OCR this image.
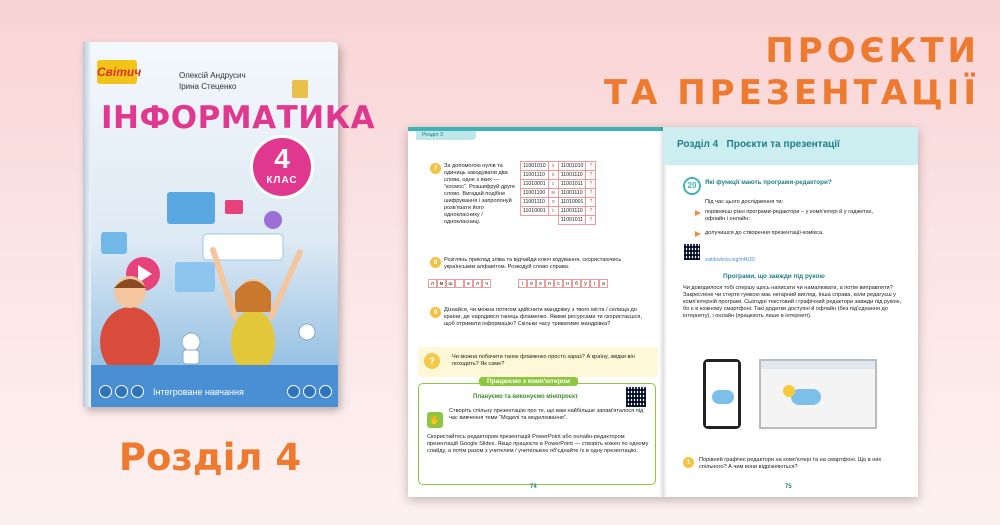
ПРОЄКТИ
ТА ПРЕЗЕНТАЦІЇ
Розділ 4
Світич	Олексій Андрусич
Ірина Стеценко
ІНФОРМАТИКА
4
КЛАС
Інтегроване навчання
Розділ 3
7	За допомогою нулів та одиниць закодували два слова, одне з яких — “космос”. Розшифруй друге слово. Вигадай подібне шифрування і запропонуй розв'язати його однокласнику / однокласниці.
11001010	к	11001010	?
11001110	о	11001110	?
11010001	с	11001011	?
11001100	м	11001110	?
11001110	о	11010001	?
11010001	с	11001110	?
		11001011	?
8	Розглянь приклад зліва та відчайди ключ кодування, скористаючись українським алфавітом. Розкодуй слово справа.
л	м	ш	к	л	ч	і	о	х	п	с	н	б	у	і	а
9	Дізнайся, чи можна потягом здійснити мандрівку з твого міста / селища до країни, де народився танець фламенко. Якими ресурсами ти скористаєшся, щоб отримати інформацію? Скільки часу триватиме мандрівка?
?	Чи можна побачити танок фламенко просто зараз? А країну, звідки він походить? Як саме?
Працюємо з комп'ютером
Плануємо та виконуємо мініпроєкт
✋
Створіть спільну презентацію про те, що вам найбільше запам'яталося під час вивчення теми “Моделі та моделювання”.
Скористайтесь редактором презентацій PowerPoint або онлайн-редактором презентацій Google Slides. Якщо працюєте в PowerPoint — створіть кожен по одному слайду, а потім разом з учителем / учителькою об'єднайте їх в одну презентацію.
74
Розділ 4 Проєкти та презентації
20	Які функції мають програми-редактори?
Під час цього дослідження ти:
порівняєш різні програми-редактори – у комп'ютері й у гаджетах, офлайн і онлайн;
долучишся до створення презентації-комікса.
svitdovkola.org/inf4/20
Програми, що завжди під рукою
Чи доводилося тобі спершу щось написати чи намалювати, а потім виправляти? Закреслене чи стерте гумкою має негарний вигляд. Інша справа, коли редагуєш у комп'ютерній програмі. Сьогодні текстовий і графічний редактори завжди під рукою, бо є в кожному смартфоні. Такі додатки доступні й офлайн (без під'єднання до інтернету), і онлайн (працюють лише в інтернеті).
1	Порівняй графічні редактори на комп'ютері та на смартфоні. Що в них спільного? А чим вони відрізняються?
75
